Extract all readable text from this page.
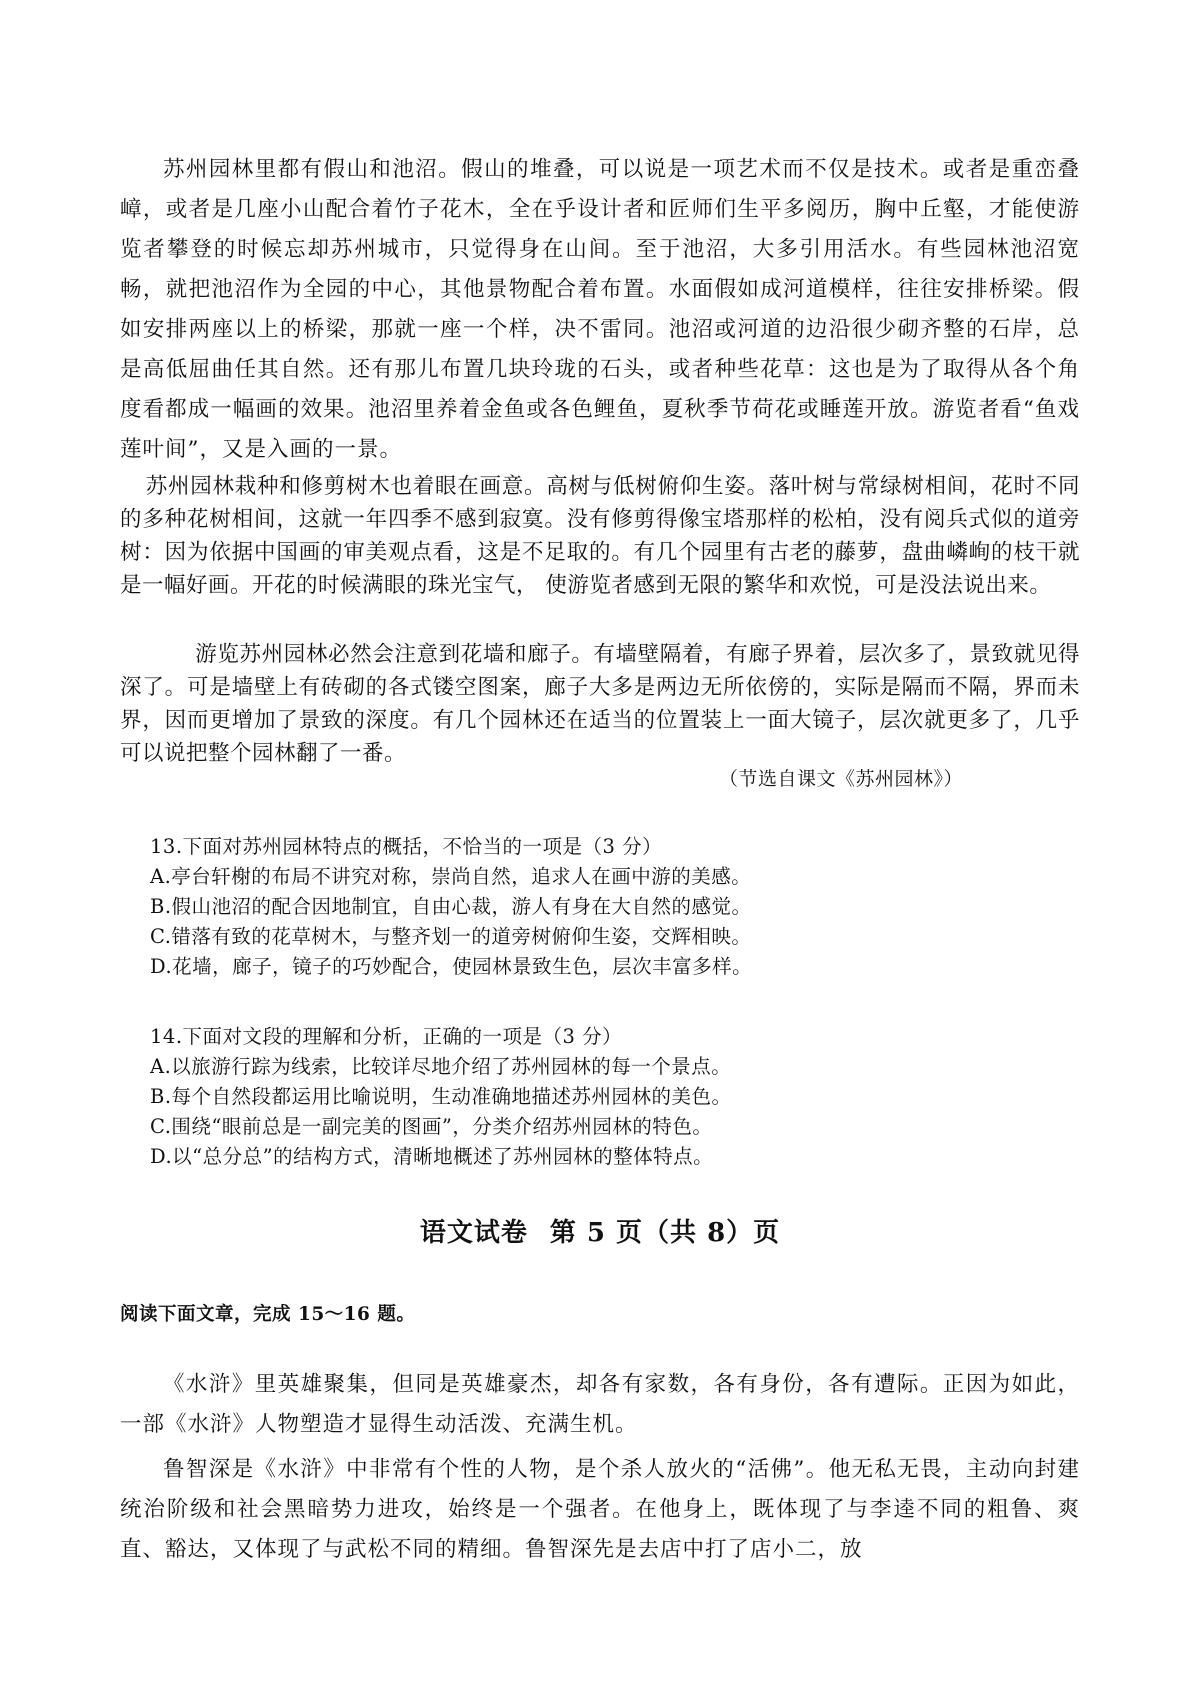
苏州园林里都有假山和池沼。假山的堆叠，可以说是一项艺术而不仅是技术。或者是重峦叠嶂，或者是几座小山配合着竹子花木，全在乎设计者和匠师们生平多阅历，胸中丘壑，才能使游览者攀登的时候忘却苏州城市，只觉得身在山间。至于池沼，大多引用活水。有些园林池沼宽畅，就把池沼作为全园的中心，其他景物配合着布置。水面假如成河道模样，往往安排桥梁。假如安排两座以上的桥梁，那就一座一个样，决不雷同。池沼或河道的边沿很少砌齐整的石岸，总是高低屈曲任其自然。还有那儿布置几块玲珑的石头，或者种些花草：这也是为了取得从各个角度看都成一幅画的效果。池沼里养着金鱼或各色鲤鱼，夏秋季节荷花或睡莲开放。游览者看“鱼戏莲叶间”，又是入画的一景。

苏州园林栽种和修剪树木也着眼在画意。高树与低树俯仰生姿。落叶树与常绿树相间，花时不同的多种花树相间，这就一年四季不感到寂寞。没有修剪得像宝塔那样的松柏，没有阅兵式似的道旁树：因为依据中国画的审美观点看，这是不足取的。有几个园里有古老的藤萝，盘曲嶙峋的枝干就是一幅好画。开花的时候满眼的珠光宝气， 使游览者感到无限的繁华和欢悦，可是没法说出来。

游览苏州园林必然会注意到花墙和廊子。有墙壁隔着，有廊子界着，层次多了，景致就见得深了。可是墙壁上有砖砌的各式镂空图案，廊子大多是两边无所依傍的，实际是隔而不隔，界而未界，因而更增加了景致的深度。有几个园林还在适当的位置装上一面大镜子，层次就更多了，几乎可以说把整个园林翻了一番。

（节选自课文《苏州园林》）
13.下面对苏州园林特点的概括，不恰当的一项是（3 分）
A.亭台轩榭的布局不讲究对称，崇尚自然，追求人在画中游的美感。
B.假山池沼的配合因地制宜，自由心裁，游人有身在大自然的感觉。
C.错落有致的花草树木，与整齐划一的道旁树俯仰生姿，交辉相映。
D.花墙，廊子，镜子的巧妙配合，使园林景致生色，层次丰富多样。
14.下面对文段的理解和分析，正确的一项是（3 分）
A.以旅游行踪为线索，比较详尽地介绍了苏州园林的每一个景点。
B.每个自然段都运用比喻说明，生动准确地描述苏州园林的美色。
C.围绕“眼前总是一副完美的图画”，分类介绍苏州园林的特色。
D.以“总分总”的结构方式，清晰地概述了苏州园林的整体特点。
语文试卷 第 5 页（共 8）页
阅读下面文章，完成 15～16 题。

《水浒》里英雄聚集，但同是英雄豪杰，却各有家数，各有身份，各有遭际。正因为如此，一部《水浒》人物塑造才显得生动活泼、充满生机。

鲁智深是《水浒》中非常有个性的人物，是个杀人放火的“活佛”。他无私无畏，主动向封建统治阶级和社会黑暗势力进攻，始终是一个强者。在他身上，既体现了与李逵不同的粗鲁、爽直、豁达，又体现了与武松不同的精细。鲁智深先是去店中打了店小二，放
